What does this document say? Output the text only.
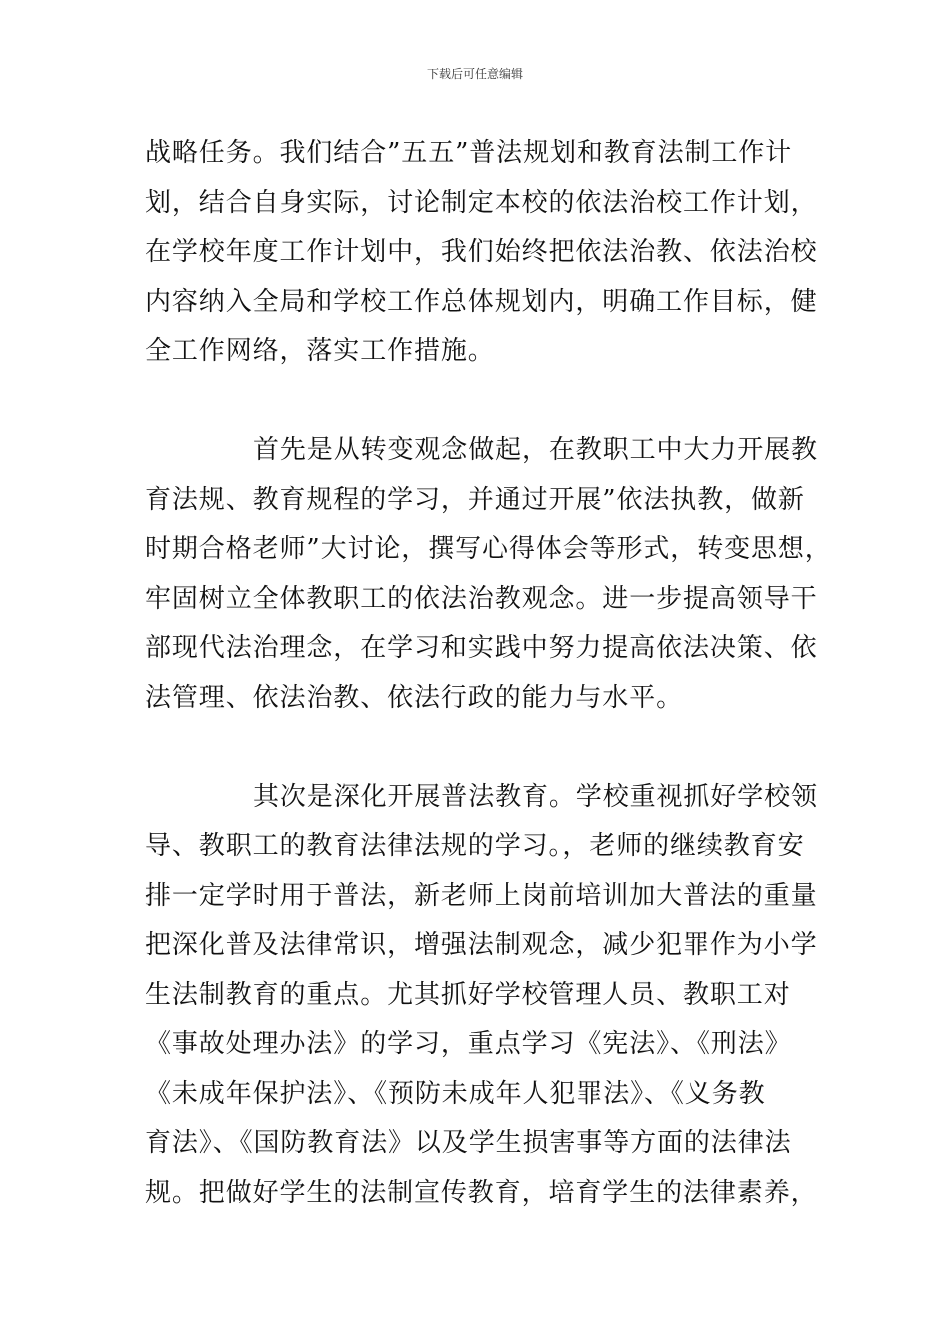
下载后可任意编辑
战略任务。我们结合”五五”普法规划和教育法制工作计
划，结合自身实际，讨论制定本校的依法治校工作计划，
在学校年度工作计划中，我们始终把依法治教、依法治校
内容纳入全局和学校工作总体规划内，明确工作目标，健
全工作网络，落实工作措施。
首先是从转变观念做起，在教职工中大力开展教
育法规、教育规程的学习，并通过开展”依法执教，做新
时期合格老师”大讨论，撰写心得体会等形式，转变思想，
牢固树立全体教职工的依法治教观念。进一步提高领导干
部现代法治理念，在学习和实践中努力提高依法决策、依
法管理、依法治教、依法行政的能力与水平。
其次是深化开展普法教育。学校重视抓好学校领
导、教职工的教育法律法规的学习。，老师的继续教育安
排一定学时用于普法，新老师上岗前培训加大普法的重量
把深化普及法律常识，增强法制观念，减少犯罪作为小学
生法制教育的重点。尤其抓好学校管理人员、教职工对
《事故处理办法》的学习，重点学习《宪法》、《刑法》
《未成年保护法》、《预防未成年人犯罪法》、《义务教
育法》、《国防教育法》以及学生损害事等方面的法律法
规。把做好学生的法制宣传教育，培育学生的法律素养，
